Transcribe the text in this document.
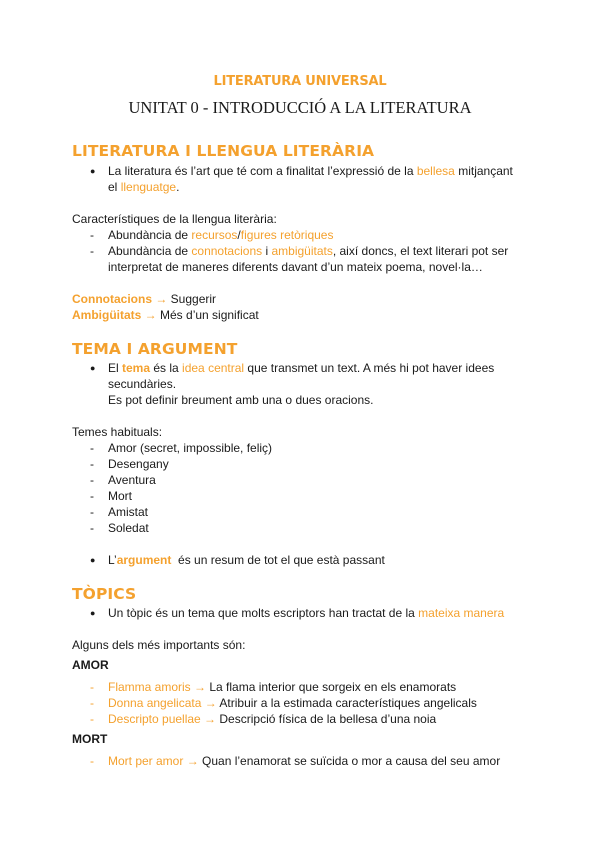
LITERATURA UNIVERSAL
UNITAT 0 - INTRODUCCIÓ A LA LITERATURA
LITERATURA I LLENGUA LITERÀRIA
● La literatura és l’art que té com a finalitat l’expressió de la bellesa mitjançant
el llenguatge.
Característiques de la llengua literària:
- Abundància de recursos/figures retòriques
- Abundància de connotacions i ambigüitats, així doncs, el text literari pot ser
interpretat de maneres diferents davant d’un mateix poema, novel·la…
Connotacions → Suggerir
Ambigüitats → Més d’un significat
TEMA I ARGUMENT
● El tema és la idea central que transmet un text. A més hi pot haver idees
secundàries.
Es pot definir breument amb una o dues oracions.
Temes habituals:
- Amor (secret, impossible, feliç)
- Desengany
- Aventura
- Mort
- Amistat
- Soledat
● L’argument  és un resum de tot el que està passant
TÒPICS
● Un tòpic és un tema que molts escriptors han tractat de la mateixa manera
Alguns dels més importants són:
AMOR
- Flamma amoris → La flama interior que sorgeix en els enamorats
- Donna angelicata → Atribuir a la estimada característiques angelicals
- Descripto puellae → Descripció física de la bellesa d’una noia
MORT
- Mort per amor → Quan l’enamorat se suïcida o mor a causa del seu amor
